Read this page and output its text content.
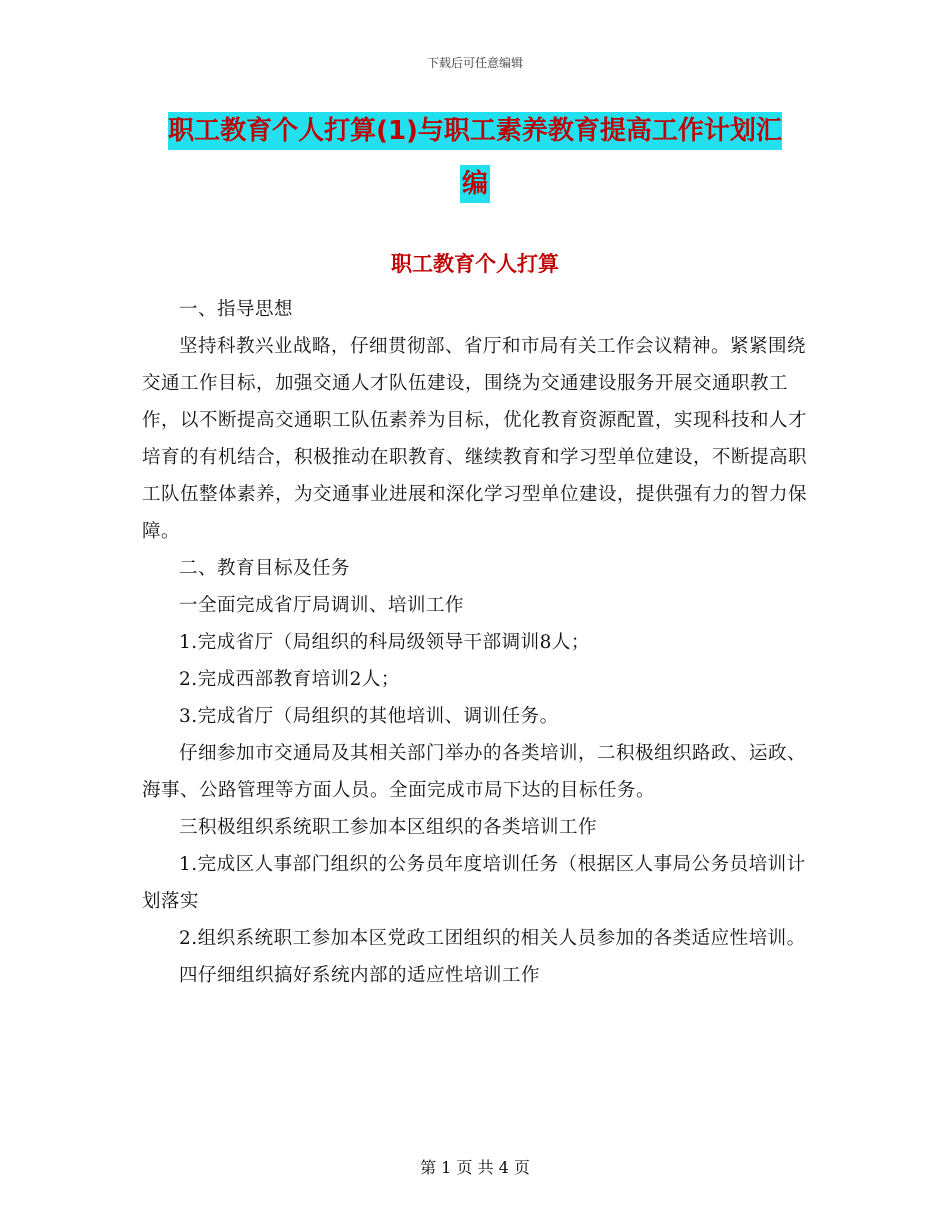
下载后可任意编辑
职工教育个人打算(1)与职工素养教育提高工作计划汇
编
职工教育个人打算

一、指导思想

坚持科教兴业战略，仔细贯彻部、省厅和市局有关工作会议精神。紧紧围绕交通工作目标，加强交通人才队伍建设，围绕为交通建设服务开展交通职教工作，以不断提高交通职工队伍素养为目标，优化教育资源配置，实现科技和人才培育的有机结合，积极推动在职教育、继续教育和学习型单位建设，不断提高职工队伍整体素养，为交通事业进展和深化学习型单位建设，提供强有力的智力保障。

二、教育目标及任务

一全面完成省厅局调训、培训工作

1.完成省厅（局组织的科局级领导干部调训8人；

2.完成西部教育培训2人；

3.完成省厅（局组织的其他培训、调训任务。

仔细参加市交通局及其相关部门举办的各类培训，二积极组织路政、运政、海事、公路管理等方面人员。全面完成市局下达的目标任务。

三积极组织系统职工参加本区组织的各类培训工作

1.完成区人事部门组织的公务员年度培训任务（根据区人事局公务员培训计划落实

2.组织系统职工参加本区党政工团组织的相关人员参加的各类适应性培训。

四仔细组织搞好系统内部的适应性培训工作

第 1 页 共 4 页
